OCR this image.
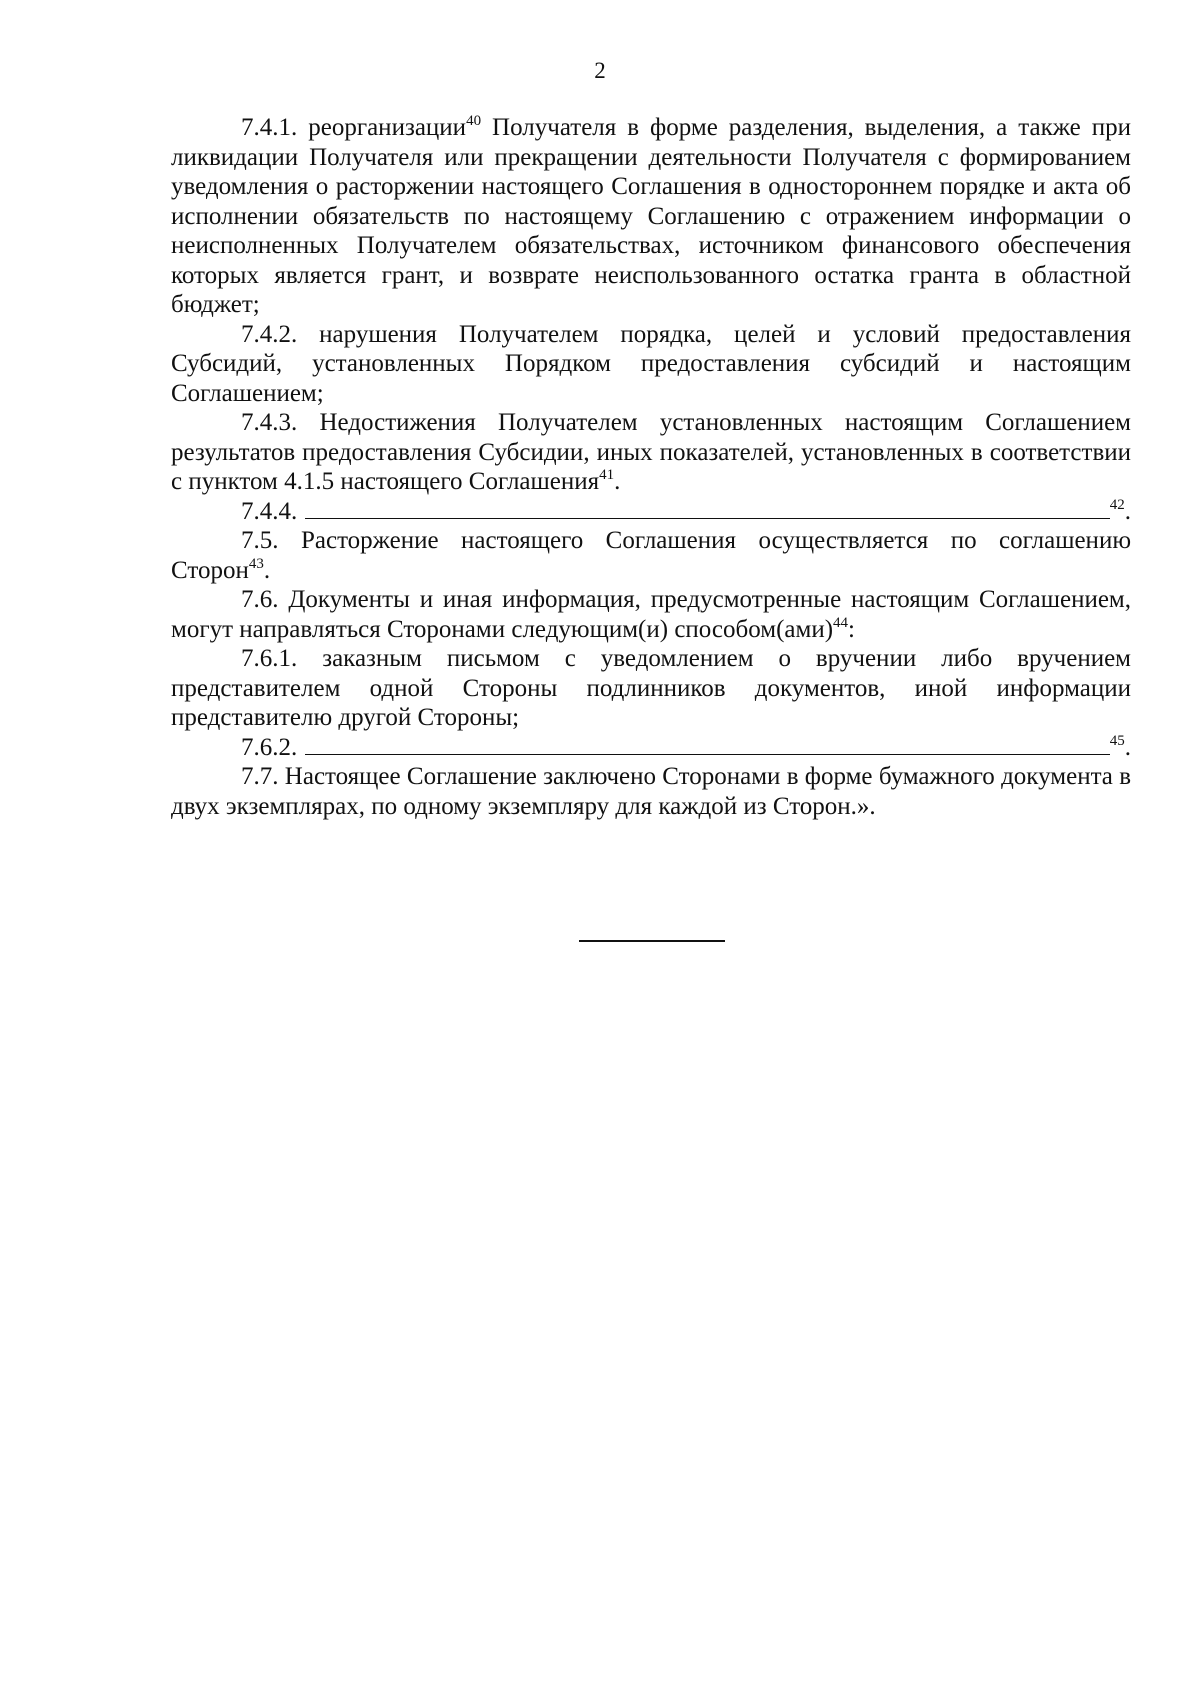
2

7.4.1. реорганизации$^{40}$ Получателя в форме разделения, выделения, а также при ликвидации Получателя или прекращении деятельности Получателя с формированием уведомления о расторжении настоящего Соглашения в одностороннем порядке и акта об исполнении обязательств по настоящему Соглашению с отражением информации о неисполненных Получателем обязательствах, источником финансового обеспечения которых является грант, и возврате неиспользованного остатка гранта в областной бюджет;

7.4.2. нарушения Получателем порядка, целей и условий предоставления Субсидий, установленных Порядком предоставления субсидий и настоящим Соглашением;

7.4.3. Недостижения Получателем установленных настоящим Соглашением результатов предоставления Субсидии, иных показателей, установленных в соответствии с пунктом 4.1.5 настоящего Соглашения$^{41}$.

7.4.4.	$^{42}$.

7.5. Расторжение настоящего Соглашения осуществляется по соглашению Сторон$^{43}$.

7.6. Документы и иная информация, предусмотренные настоящим Соглашением, могут направляться Сторонами следующим(и) способом(ами)$^{44}$:

7.6.1. заказным письмом с уведомлением о вручении либо вручением представителем одной Стороны подлинников документов, иной информации представителю другой Стороны;

7.6.2.	$^{45}$.

7.7. Настоящее Соглашение заключено Сторонами в форме бумажного документа в двух экземплярах, по одному экземпляру для каждой из Сторон.».
